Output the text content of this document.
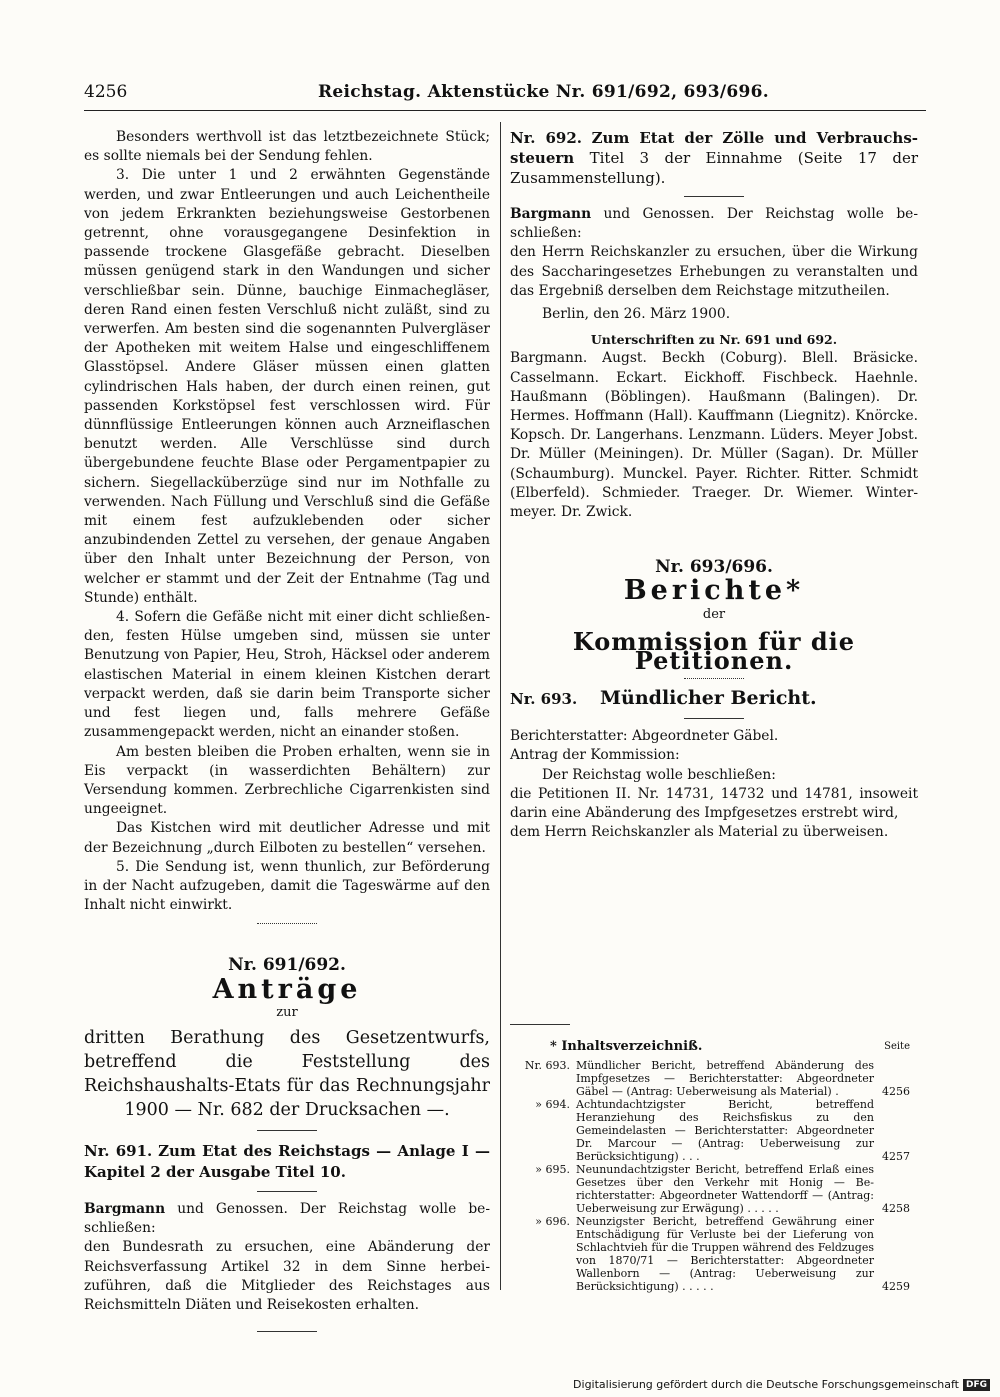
4256	Reichstag. Aktenstücke Nr. 691/692, 693/696.

Besonders werthvoll ist das letztbezeichnete Stück; es sollte niemals bei der Sendung fehlen.

3. Die unter 1 und 2 erwähnten Gegenstände werden, und zwar Entleerungen und auch Leichentheile von jedem Erkrankten beziehungsweise Gestorbenen getrennt, ohne vorausgegangene Desinfektion in passende trockene Glasgefäße gebracht. Dieselben müssen genügend stark in den Wandungen und sicher verschließbar sein. Dünne, bauchige Einmachegläser, deren Rand einen festen Verschluß nicht zuläßt, sind zu verwerfen. Am besten sind die sogenannten Pulvergläser der Apotheken mit weitem Halse und eingeschliffenem Glasstöpsel. Andere Gläser müssen einen glatten cylindrischen Hals haben, der durch einen reinen, gut passenden Korkstöpsel fest verschlossen wird. Für dünnflüssige Entleerungen können auch Arzneiflaschen benutzt werden. Alle Verschlüsse sind durch übergebundene feuchte Blase oder Pergamentpapier zu sichern. Siegellacküberzüge sind nur im Nothfalle zu verwenden. Nach Füllung und Verschluß sind die Gefäße mit einem fest aufzuklebenden oder sicher anzubindenden Zettel zu versehen, der genaue Angaben über den Inhalt unter Bezeichnung der Person, von welcher er stammt und der Zeit der Entnahme (Tag und Stunde) enthält.

4. Sofern die Gefäße nicht mit einer dicht schließenden, festen Hülse umgeben sind, müssen sie unter Benutzung von Papier, Heu, Stroh, Häcksel oder anderem elastischen Material in einem kleinen Kistchen derart verpackt werden, daß sie darin beim Transporte sicher und fest liegen und, falls mehrere Gefäße zusammengepackt werden, nicht an einander stoßen.

Am besten bleiben die Proben erhalten, wenn sie in Eis verpackt (in wasserdichten Behältern) zur Versendung kommen. Zerbrechliche Cigarrenkisten sind ungeeignet.

Das Kistchen wird mit deutlicher Adresse und mit der Bezeichnung „durch Eilboten zu bestellen“ versehen.

5. Die Sendung ist, wenn thunlich, zur Beförderung in der Nacht aufzugeben, damit die Tageswärme auf den Inhalt nicht einwirkt.

Nr. 691/692.
Anträge
zur
dritten Berathung des Gesetzentwurfs, betreffend die Feststellung des Reichshaushalts-Etats für das Rechnungsjahr 1900 — Nr. 682 der Drucksachen —.

Nr. 691. Zum Etat des Reichstags — Anlage I — Kapitel 2 der Ausgabe Titel 10.

Bargmann und Genossen. Der Reichstag wolle beschließen:

den Bundesrath zu ersuchen, eine Abänderung der Reichsverfassung Artikel 32 in dem Sinne herbeizuführen, daß die Mitglieder des Reichstages aus Reichsmitteln Diäten und Reisekosten erhalten.

Nr. 692. Zum Etat der Zölle und Verbrauchssteuern Titel 3 der Einnahme (Seite 17 der Zusammenstellung).

Bargmann und Genossen. Der Reichstag wolle beschließen:

den Herrn Reichskanzler zu ersuchen, über die Wirkung des Saccharingesetzes Erhebungen zu veranstalten und das Ergebniß derselben dem Reichstage mitzutheilen.

Berlin, den 26. März 1900.

Unterschriften zu Nr. 691 und 692.

Bargmann. Augst. Beckh (Coburg). Blell. Bräsicke. Casselmann. Eckart. Eickhoff. Fischbeck. Haehnle. Haußmann (Böblingen). Haußmann (Balingen). Dr. Hermes. Hoffmann (Hall). Kauffmann (Liegnitz). Knörcke. Kopsch. Dr. Langerhans. Lenzmann. Lüders. Meyer Jobst. Dr. Müller (Meiningen). Dr. Müller (Sagan). Dr. Müller (Schaumburg). Munckel. Payer. Richter. Ritter. Schmidt (Elberfeld). Schmieder. Traeger. Dr. Wiemer. Wintermeyer. Dr. Zwick.

Nr. 693/696.
Berichte*
der
Kommission für die Petitionen.

Nr. 693. Mündlicher Bericht.

Berichterstatter: Abgeordneter Gäbel.

Antrag der Kommission:

Der Reichstag wolle beschließen:

die Petitionen II. Nr. 14731, 14732 und 14781, insoweit darin eine Abänderung des Impfgesetzes erstrebt wird,

dem Herrn Reichskanzler als Material zu überweisen.

* Inhaltsverzeichniß.	Seite
Nr. 693. Mündlicher Bericht, betreffend Abänderung des Impfgesetzes — Berichterstatter: Abgeordneter Gäbel — (Antrag: Ueberweisung als Material) .	4256
» 694. Achtundachtzigster Bericht, betreffend Heranziehung des Reichsfiskus zu den Gemeindelasten — Berichterstatter: Abgeordneter Dr. Marcour — (Antrag: Ueberweisung zur Berücksichtigung) . . .	4257
» 695. Neunundachtzigster Bericht, betreffend Erlaß eines Gesetzes über den Verkehr mit Honig — Berichterstatter: Abgeordneter Wattendorff — (Antrag: Ueberweisung zur Erwägung) . . . . .	4258
» 696. Neunzigster Bericht, betreffend Gewährung einer Entschädigung für Verluste bei der Lieferung von Schlachtvieh für die Truppen während des Feldzuges von 1870/71 — Berichterstatter: Abgeordneter Wallenborn — (Antrag: Ueberweisung zur Berücksichtigung) . . . . .	4259
Digitalisierung gefördert durch die Deutsche Forschungsgemeinschaft DFG
